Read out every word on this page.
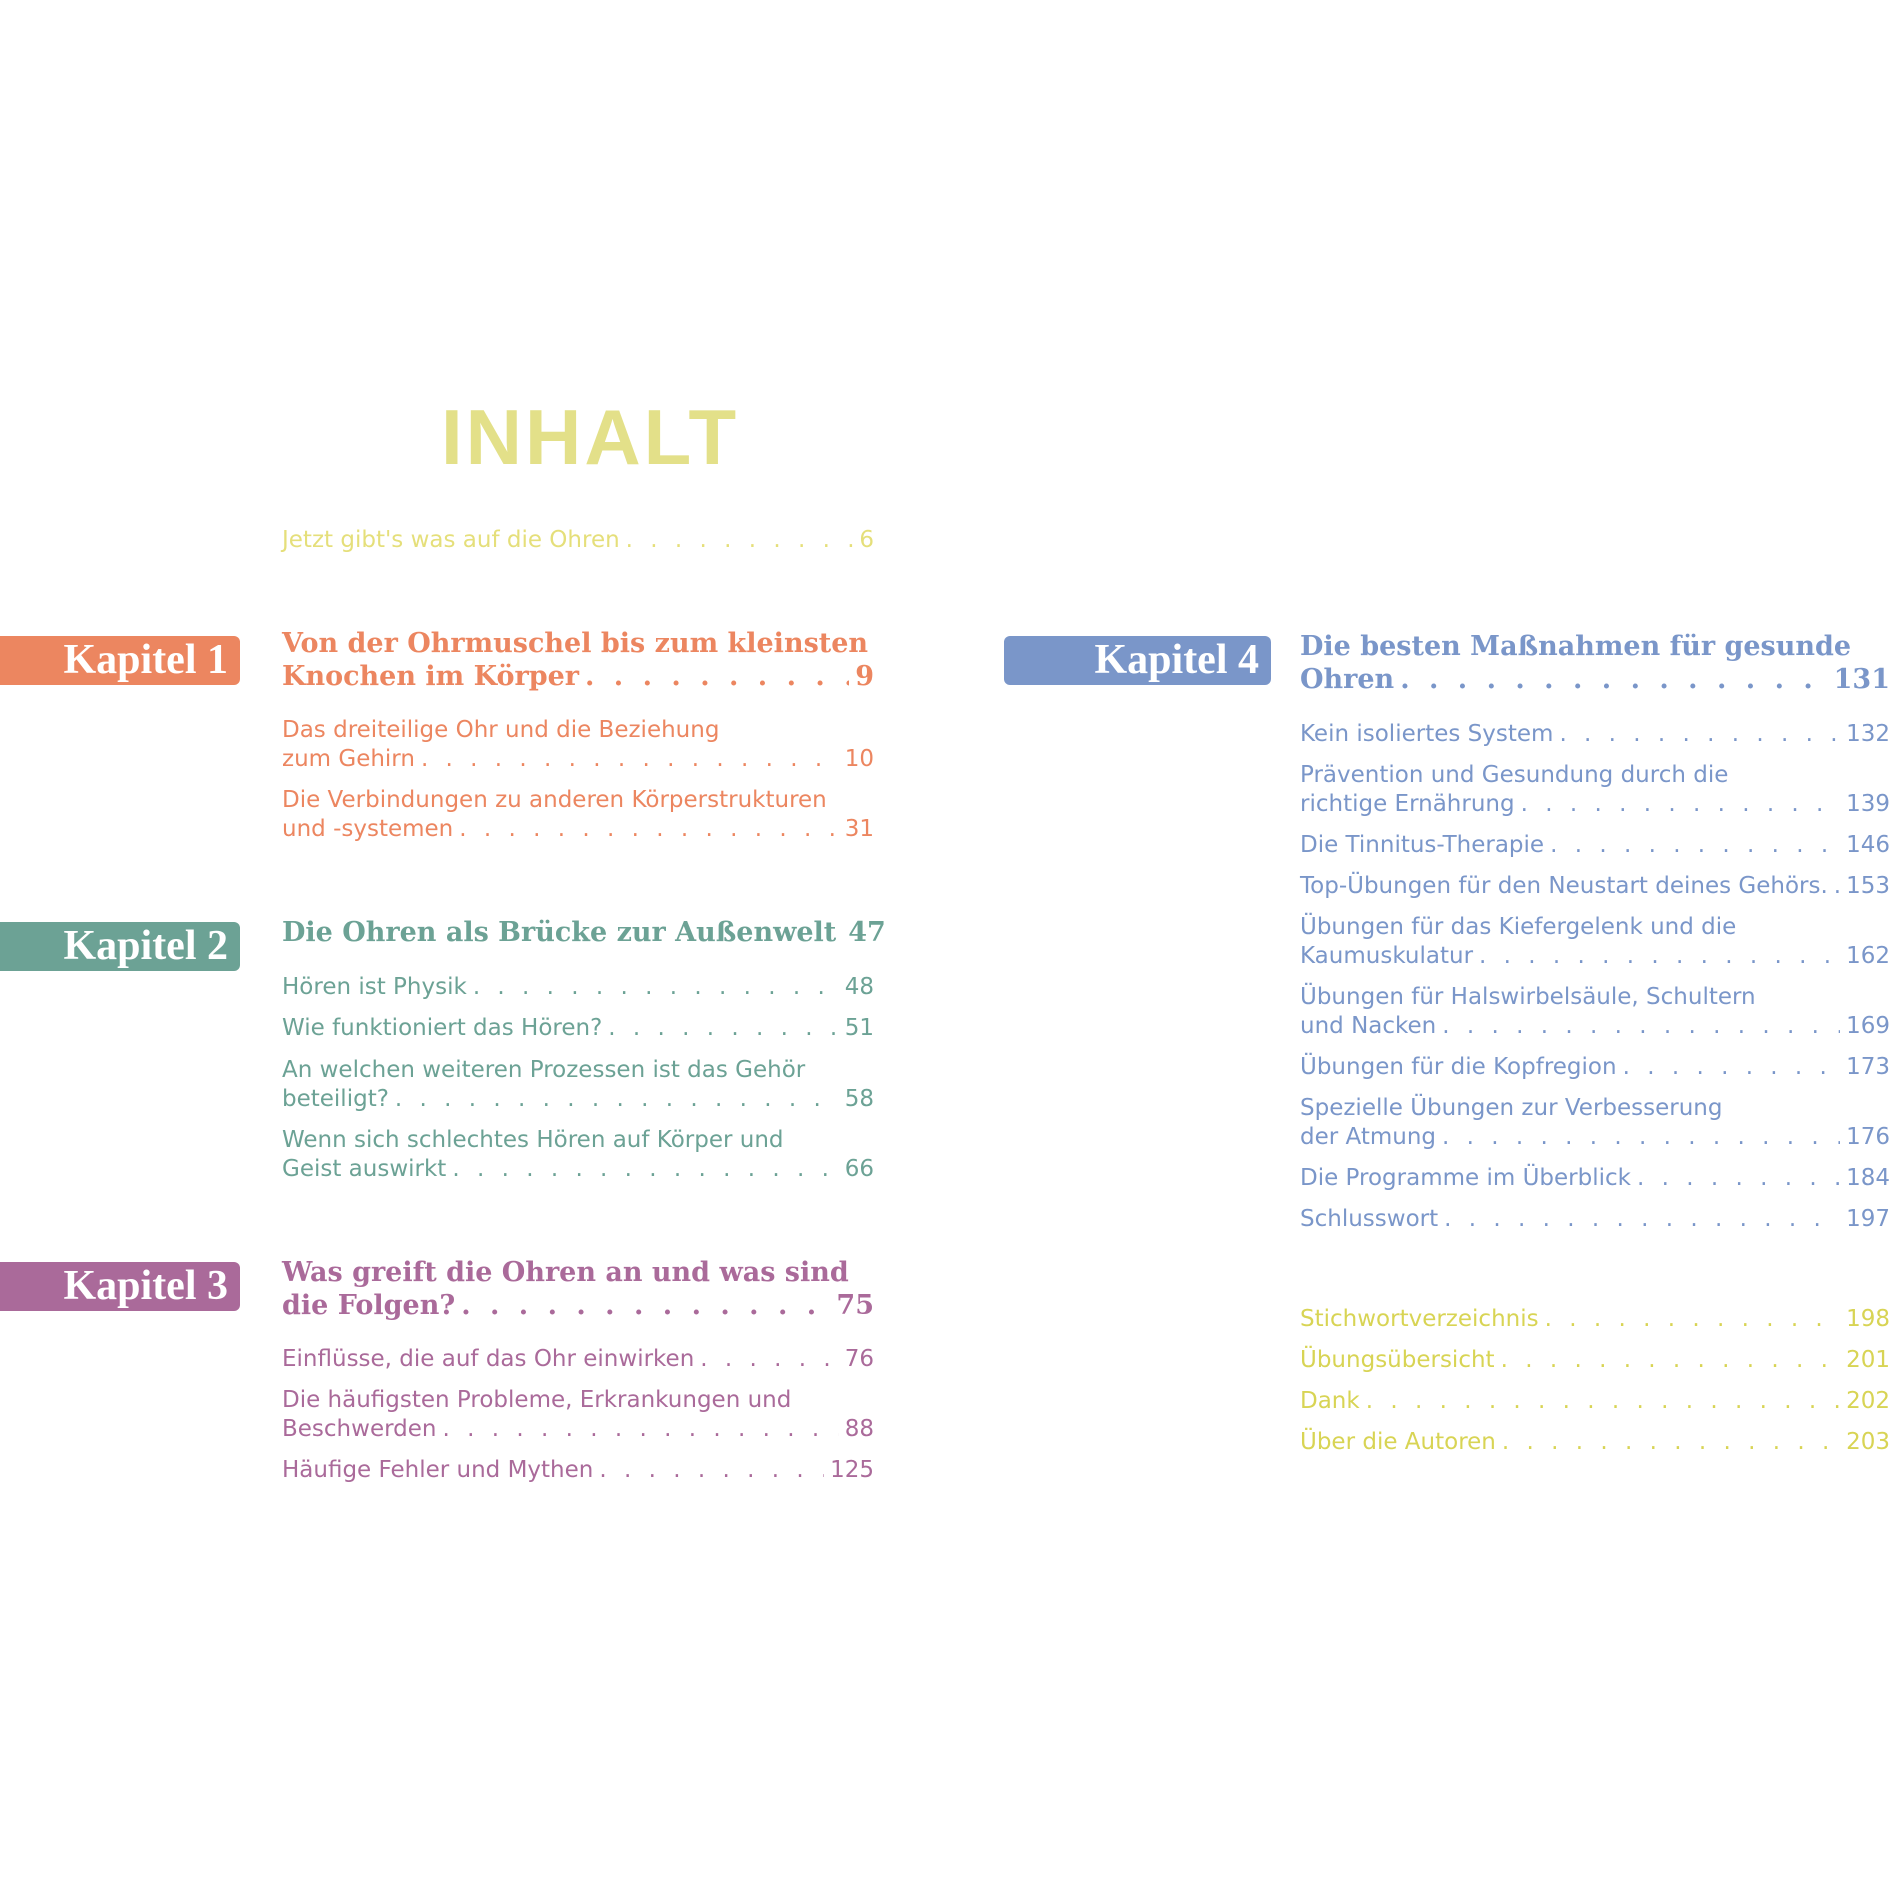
INHALT
Jetzt gibt's was auf die Ohren . . .	6
Kapitel 1	Von der Ohrmuschel bis zum kleinsten
Knochen im Körper . . .	9
Das dreiteilige Ohr und die Beziehung
zum Gehirn . . .	10
Die Verbindungen zu anderen Körperstrukturen
und -systemen . . .	31
Kapitel 2	Die Ohren als Brücke zur Außenwelt 47
Hören ist Physik . . .	48
Wie funktioniert das Hören? . . .	51
An welchen weiteren Prozessen ist das Gehör
beteiligt? . . .	58
Wenn sich schlechtes Hören auf Körper und
Geist auswirkt . . .	66
Kapitel 3	Was greift die Ohren an und was sind
die Folgen? . . .	75
Einflüsse, die auf das Ohr einwirken . . .	76
Die häufigsten Probleme, Erkrankungen und
Beschwerden . . .	88
Häufige Fehler und Mythen . . .	125
Kapitel 4	Die besten Maßnahmen für gesunde
Ohren . . .	131
Kein isoliertes System . . .	132
Prävention und Gesundung durch die
richtige Ernährung . . .	139
Die Tinnitus-Therapie . . .	146
Top-Übungen für den Neustart deines Gehörs. . . . 153
Übungen für das Kiefergelenk und die
Kaumuskulatur . . .	162
Übungen für Halswirbelsäule, Schultern
und Nacken . . .	169
Übungen für die Kopfregion . . .	173
Spezielle Übungen zur Verbesserung
der Atmung . . .	176
Die Programme im Überblick . . .	184
Schlusswort . . .	197
Stichwortverzeichnis . . .	198
Übungsübersicht . . .	201
Dank . . .	202
Über die Autoren . . .	203
